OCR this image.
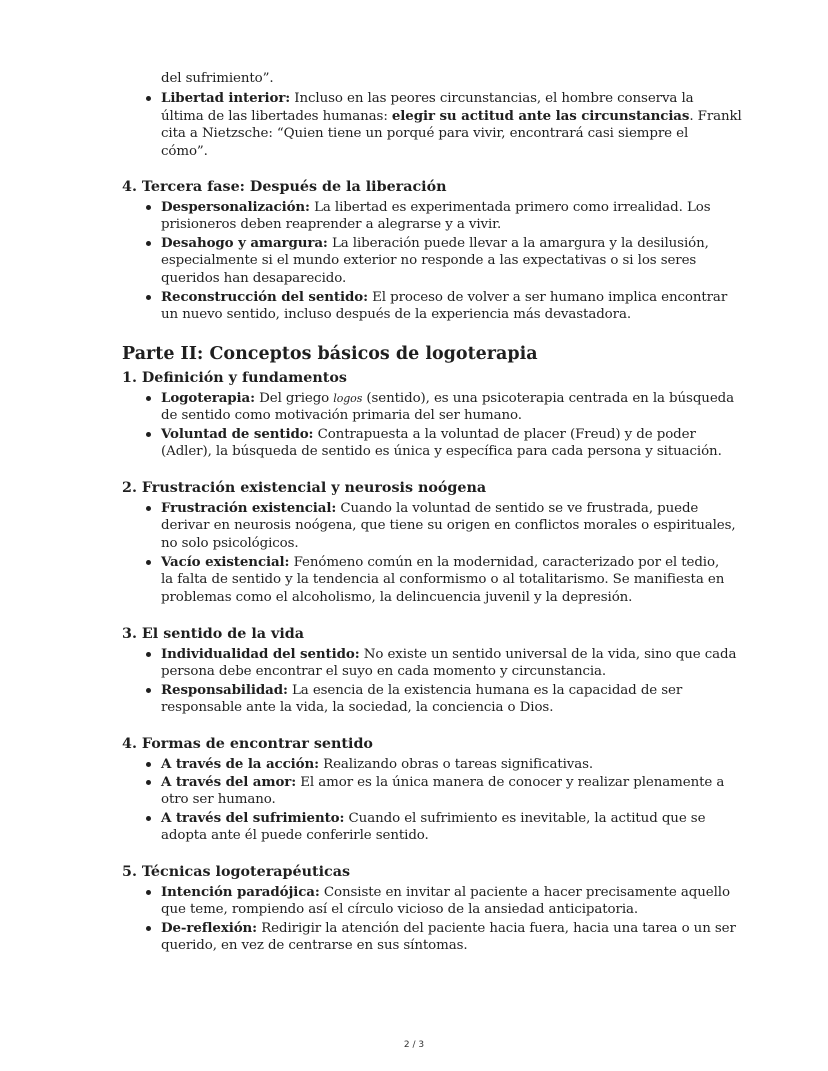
del sufrimiento”.
Libertad interior: Incluso en las peores circunstancias, el hombre conserva la
última de las libertades humanas: elegir su actitud ante las circunstancias. Frankl
cita a Nietzsche: “Quien tiene un porqué para vivir, encontrará casi siempre el
cómo”.
4. Tercera fase: Después de la liberación
Despersonalización: La libertad es experimentada primero como irrealidad. Los
prisioneros deben reaprender a alegrarse y a vivir.
Desahogo y amargura: La liberación puede llevar a la amargura y la desilusión,
especialmente si el mundo exterior no responde a las expectativas o si los seres
queridos han desaparecido.
Reconstrucción del sentido: El proceso de volver a ser humano implica encontrar
un nuevo sentido, incluso después de la experiencia más devastadora.
Parte II: Conceptos básicos de logoterapia
1. Definición y fundamentos
Logoterapia: Del griego logos (sentido), es una psicoterapia centrada en la búsqueda
de sentido como motivación primaria del ser humano.
Voluntad de sentido: Contrapuesta a la voluntad de placer (Freud) y de poder
(Adler), la búsqueda de sentido es única y específica para cada persona y situación.
2. Frustración existencial y neurosis noógena
Frustración existencial: Cuando la voluntad de sentido se ve frustrada, puede
derivar en neurosis noógena, que tiene su origen en conflictos morales o espirituales,
no solo psicológicos.
Vacío existencial: Fenómeno común en la modernidad, caracterizado por el tedio,
la falta de sentido y la tendencia al conformismo o al totalitarismo. Se manifiesta en
problemas como el alcoholismo, la delincuencia juvenil y la depresión.
3. El sentido de la vida
Individualidad del sentido: No existe un sentido universal de la vida, sino que cada
persona debe encontrar el suyo en cada momento y circunstancia.
Responsabilidad: La esencia de la existencia humana es la capacidad de ser
responsable ante la vida, la sociedad, la conciencia o Dios.
4. Formas de encontrar sentido
A través de la acción: Realizando obras o tareas significativas.
A través del amor: El amor es la única manera de conocer y realizar plenamente a
otro ser humano.
A través del sufrimiento: Cuando el sufrimiento es inevitable, la actitud que se
adopta ante él puede conferirle sentido.
5. Técnicas logoterapéuticas
Intención paradójica: Consiste en invitar al paciente a hacer precisamente aquello
que teme, rompiendo así el círculo vicioso de la ansiedad anticipatoria.
De-reflexión: Redirigir la atención del paciente hacia fuera, hacia una tarea o un ser
querido, en vez de centrarse en sus síntomas.
2 / 3
